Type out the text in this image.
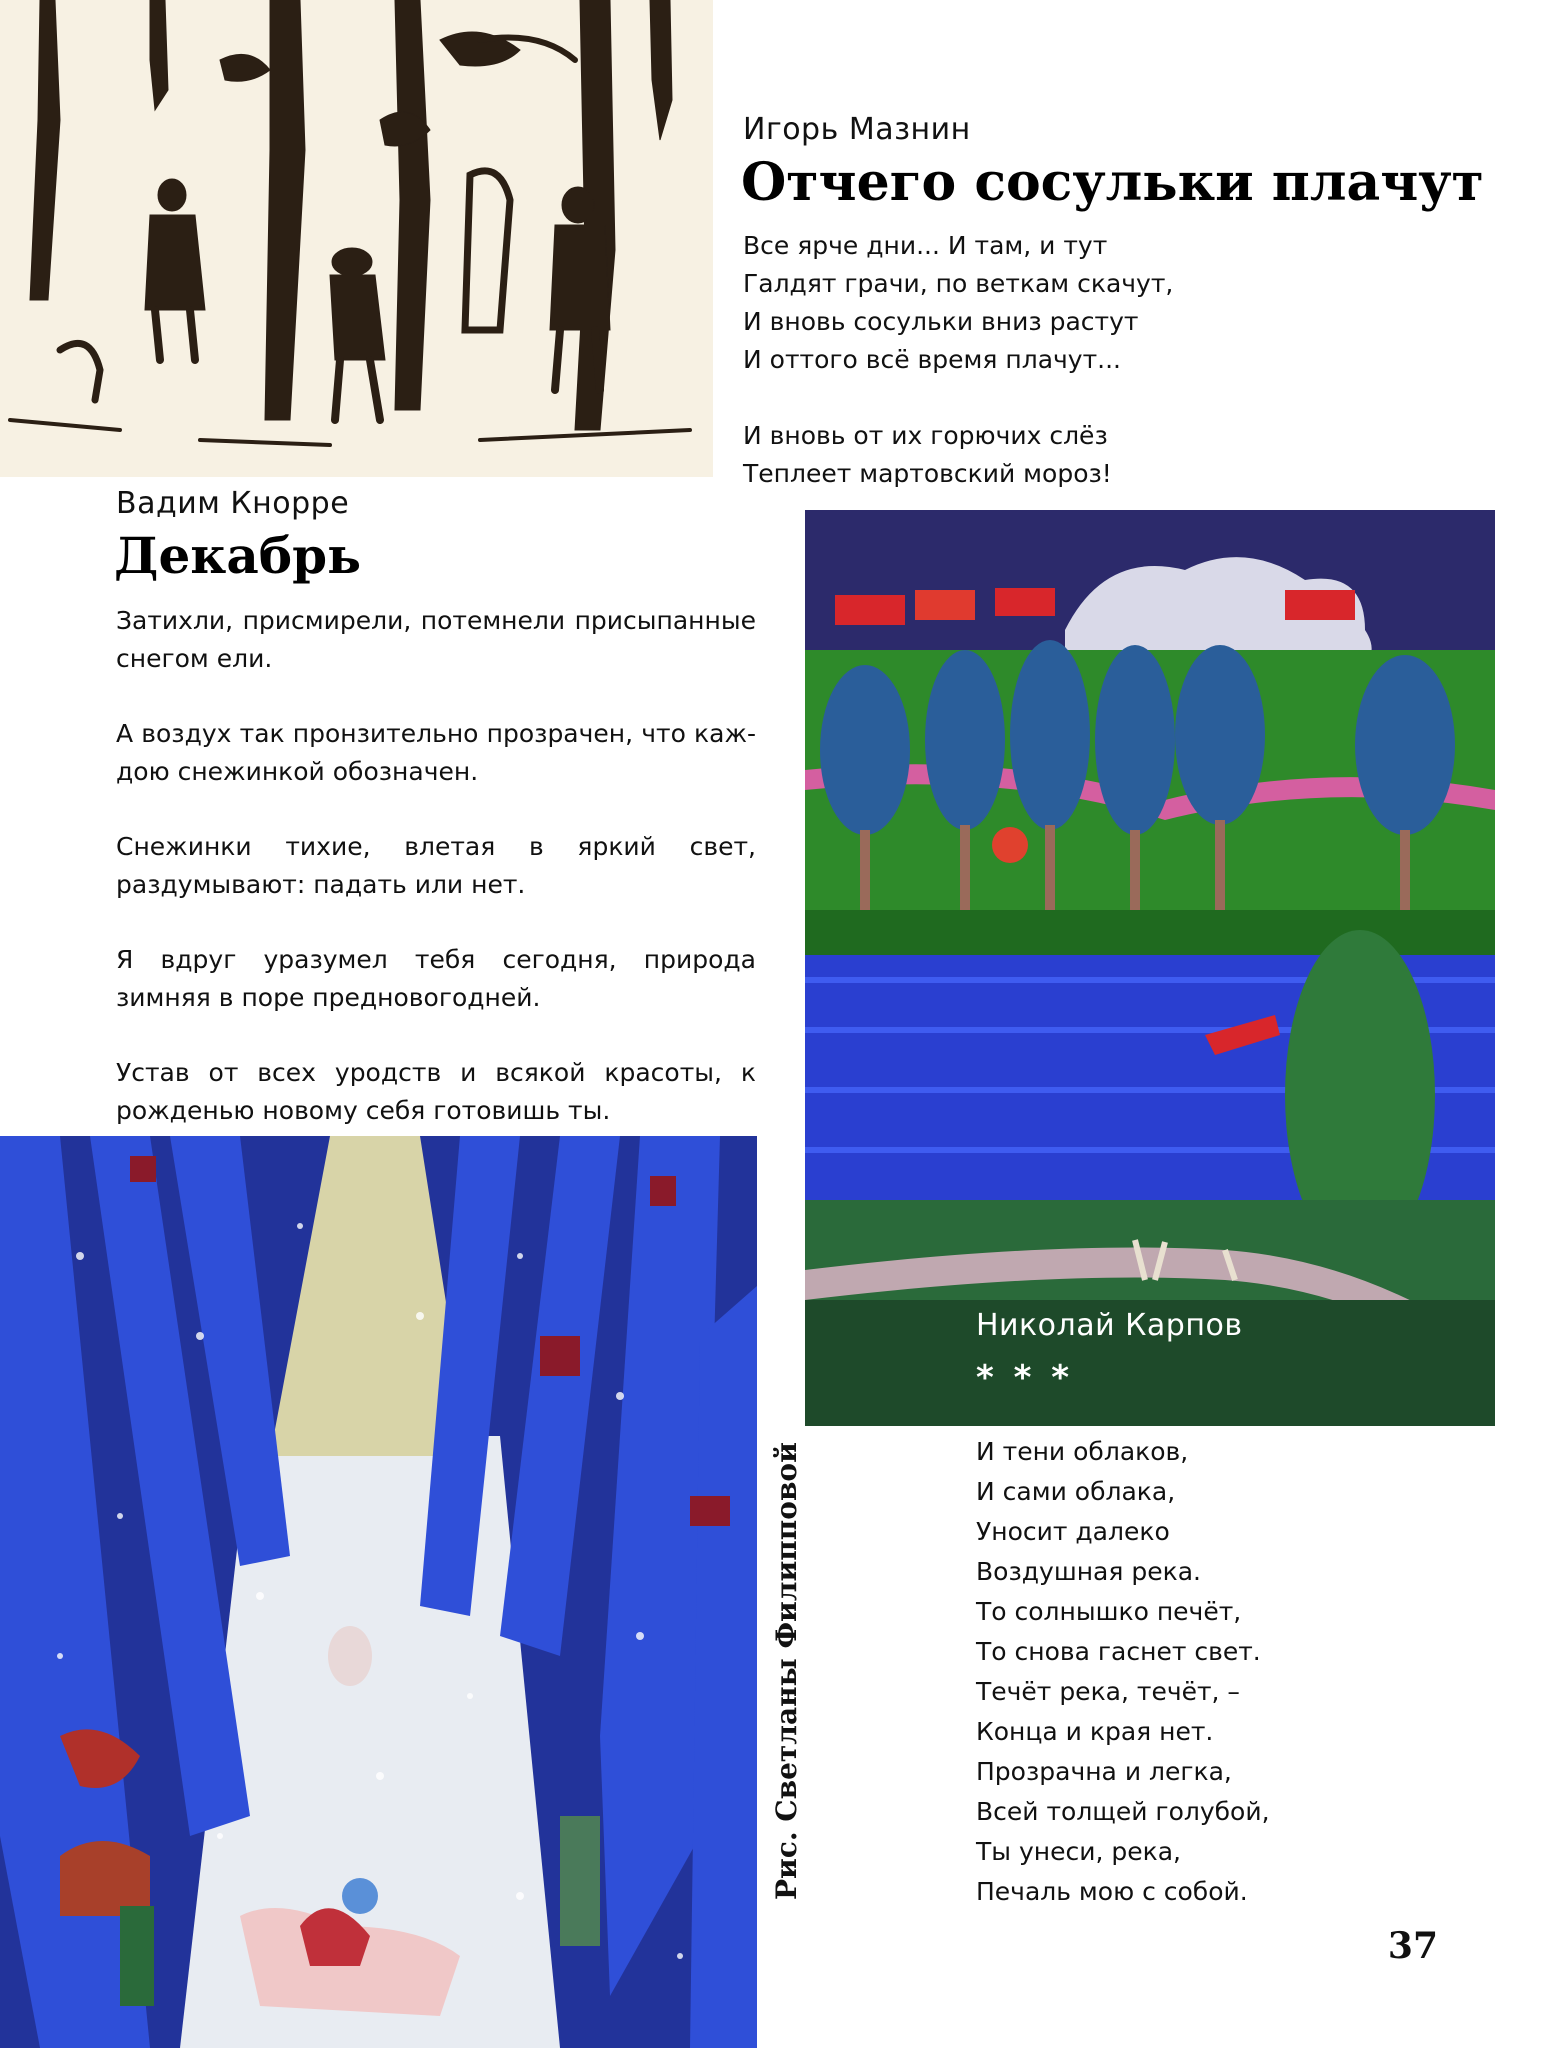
Игорь Мазнин
Отчего сосульки плачут
Все ярче дни... И там, и тут
Галдят грачи, по веткам скачут,
И вновь сосульки вниз растут
И оттого всё время плачут...
И вновь от их горючих слёз
Теплеет мартовский мороз!
Вадим Кнорре
Декабрь
Затихли, присмирели, потемнели присыпанные снегом ели.
А воздух так пронзительно прозрачен, что каж-дою снежинкой обозначен.
Снежинки тихие, влетая в яркий свет, раздумывают: падать или нет.
Я вдруг уразумел тебя сегодня, природа зимняя в поре предновогодней.
Устав от всех уродств и всякой красоты, к рожденью новому себя готовишь ты.
Николай Карпов
* * *
И тени облаков,
И сами облака,
Уносит далеко
Воздушная река.
То солнышко печёт,
То снова гаснет свет.
Течёт река, течёт, –
Конца и края нет.
Прозрачна и легка,
Всей толщей голубой,
Ты унеси, река,
Печаль мою с собой.
Рис. Светланы Филипповой
37
